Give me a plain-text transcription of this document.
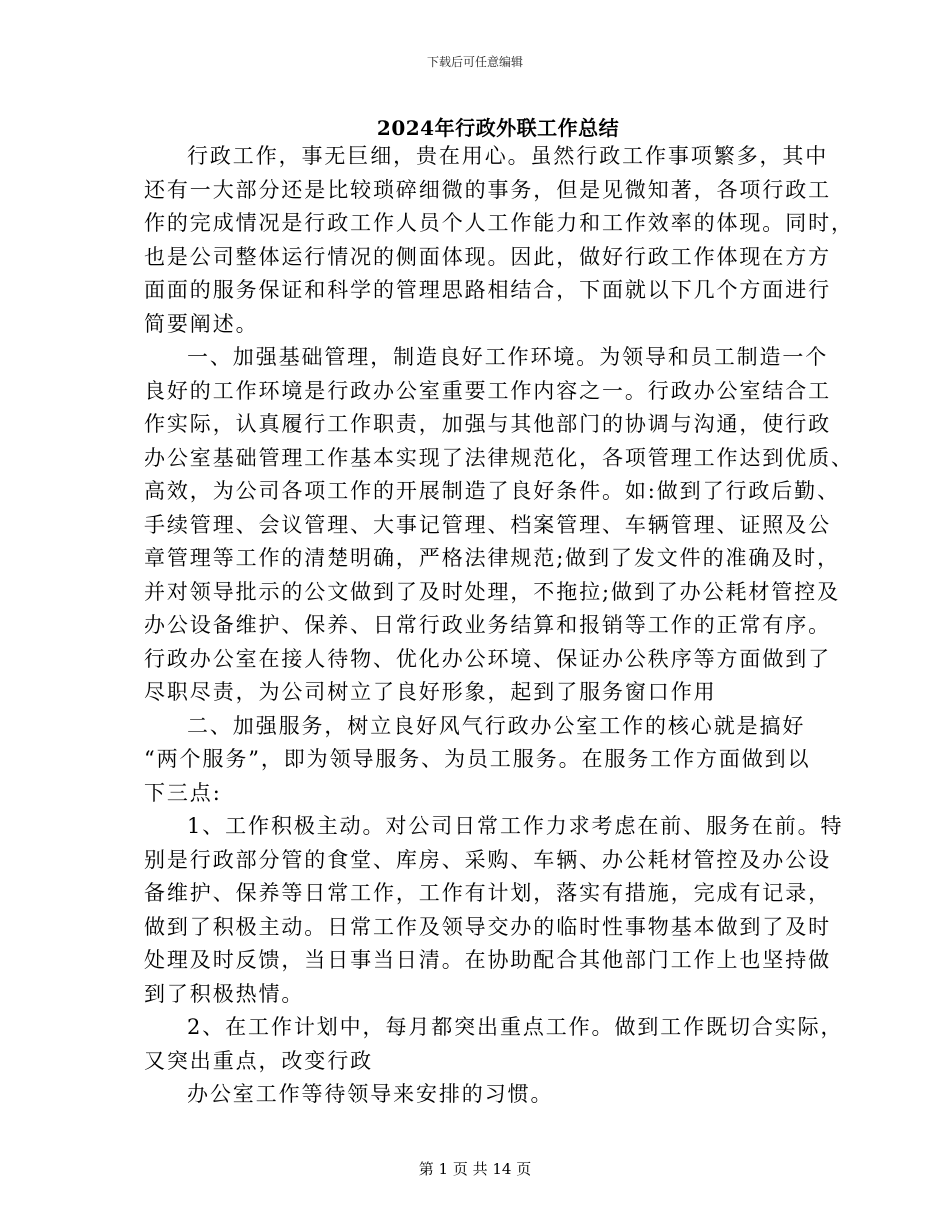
下载后可任意编辑
2024年行政外联工作总结
行政工作，事无巨细，贵在用心。虽然行政工作事项繁多，其中
还有一大部分还是比较琐碎细微的事务，但是见微知著，各项行政工
作的完成情况是行政工作人员个人工作能力和工作效率的体现。同时，
也是公司整体运行情况的侧面体现。因此，做好行政工作体现在方方
面面的服务保证和科学的管理思路相结合，下面就以下几个方面进行
简要阐述。
一、加强基础管理，制造良好工作环境。为领导和员工制造一个
良好的工作环境是行政办公室重要工作内容之一。行政办公室结合工
作实际，认真履行工作职责，加强与其他部门的协调与沟通，使行政
办公室基础管理工作基本实现了法律规范化，各项管理工作达到优质、
高效，为公司各项工作的开展制造了良好条件。如:做到了行政后勤、
手续管理、会议管理、大事记管理、档案管理、车辆管理、证照及公
章管理等工作的清楚明确，严格法律规范;做到了发文件的准确及时，
并对领导批示的公文做到了及时处理，不拖拉;做到了办公耗材管控及
办公设备维护、保养、日常行政业务结算和报销等工作的正常有序。
行政办公室在接人待物、优化办公环境、保证办公秩序等方面做到了
尽职尽责，为公司树立了良好形象，起到了服务窗口作用
二、加强服务，树立良好风气行政办公室工作的核心就是搞好
“两个服务”，即为领导服务、为员工服务。在服务工作方面做到以
下三点:
1、工作积极主动。对公司日常工作力求考虑在前、服务在前。特
别是行政部分管的食堂、库房、采购、车辆、办公耗材管控及办公设
备维护、保养等日常工作，工作有计划，落实有措施，完成有记录，
做到了积极主动。日常工作及领导交办的临时性事物基本做到了及时
处理及时反馈，当日事当日清。在协助配合其他部门工作上也坚持做
到了积极热情。
2、在工作计划中，每月都突出重点工作。做到工作既切合实际，
又突出重点，改变行政
办公室工作等待领导来安排的习惯。
第 1 页 共 14 页
